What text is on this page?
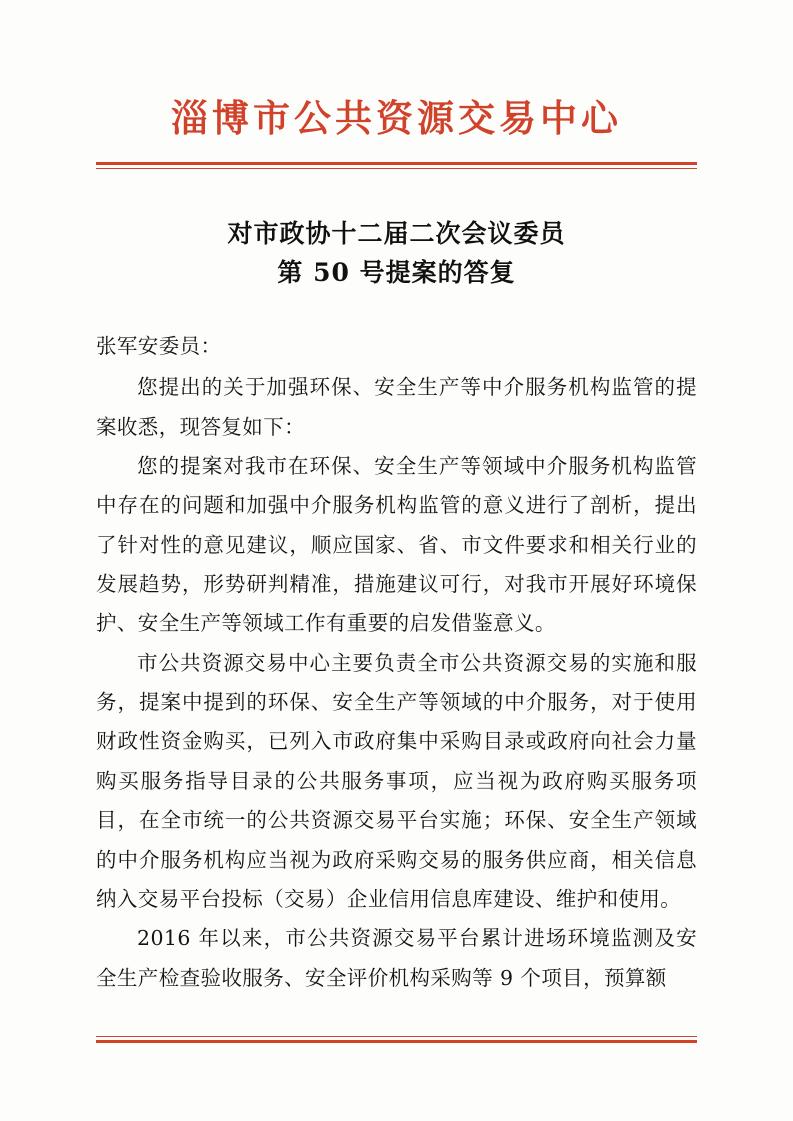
淄博市公共资源交易中心
对市政协十二届二次会议委员
第 50 号提案的答复

张军安委员：

您提出的关于加强环保、安全生产等中介服务机构监管的提案收悉，现答复如下：

您的提案对我市在环保、安全生产等领域中介服务机构监管中存在的问题和加强中介服务机构监管的意义进行了剖析，提出了针对性的意见建议，顺应国家、省、市文件要求和相关行业的发展趋势，形势研判精准，措施建议可行，对我市开展好环境保护、安全生产等领域工作有重要的启发借鉴意义。

市公共资源交易中心主要负责全市公共资源交易的实施和服务，提案中提到的环保、安全生产等领域的中介服务，对于使用财政性资金购买，已列入市政府集中采购目录或政府向社会力量购买服务指导目录的公共服务事项，应当视为政府购买服务项目，在全市统一的公共资源交易平台实施；环保、安全生产领域的中介服务机构应当视为政府采购交易的服务供应商，相关信息纳入交易平台投标（交易）企业信用信息库建设、维护和使用。

2016 年以来，市公共资源交易平台累计进场环境监测及安全生产检查验收服务、安全评价机构采购等 9 个项目，预算额
